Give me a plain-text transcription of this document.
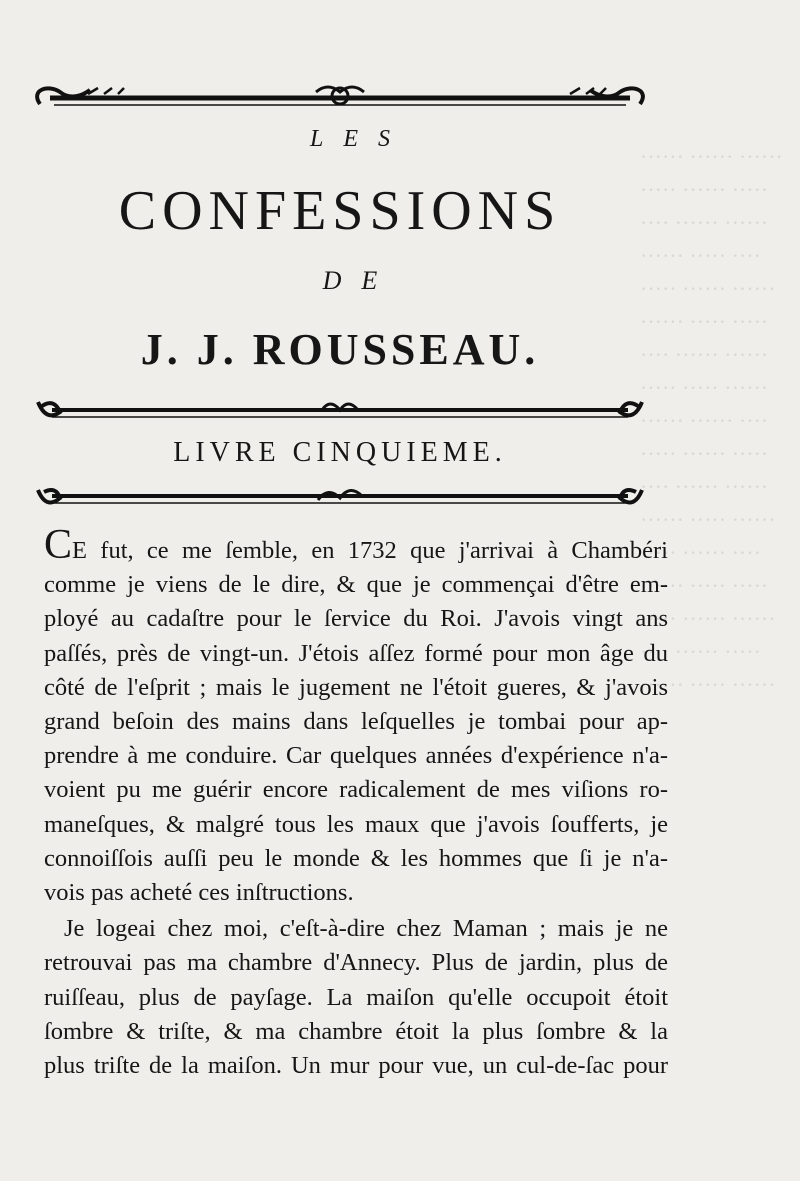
······ ······ ······
····· ······ ·····
···· ······ ······
······ ····· ····
····· ······ ······
······ ····· ·····
···· ······ ······
····· ····· ······
······ ······ ····
····· ······ ·····
···· ······ ······
······ ····· ······
····· ······ ····
······ ····· ·····
····· ······ ······
···· ······ ·····
······ ····· ······
LES
CONFESSIONS
DE
J. J. ROUSSEAU.
LIVRE CINQUIEME.
CE fut, ce me ſemble, en 1732 que j'arrivai à Chambéri
comme je viens de le dire, & que je commençai d'être em-
ployé au cadaſtre pour le ſervice du Roi. J'avois vingt ans
paſſés, près de vingt-un. J'étois aſſez formé pour mon âge du
côté de l'eſprit ; mais le jugement ne l'étoit gueres, & j'avois
grand beſoin des mains dans leſquelles je tombai pour ap-
prendre à me conduire. Car quelques années d'expérience n'a-
voient pu me guérir encore radicalement de mes viſions ro-
maneſques, & malgré tous les maux que j'avois ſoufferts, je
connoiſſois auſſi peu le monde & les hommes que ſi je n'a-
vois pas acheté ces inſtructions.
Je logeai chez moi, c'eſt-à-dire chez Maman ; mais je ne
retrouvai pas ma chambre d'Annecy. Plus de jardin, plus de
ruiſſeau, plus de payſage. La maiſon qu'elle occupoit étoit
ſombre & triſte, & ma chambre étoit la plus ſombre & la
plus triſte de la maiſon. Un mur pour vue, un cul-de-ſac pour
